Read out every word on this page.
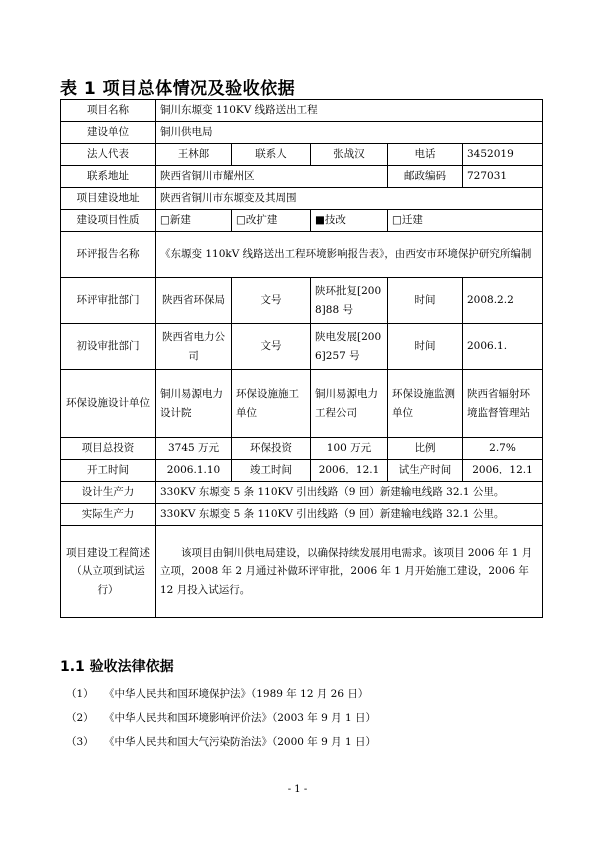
表 1 项目总体情况及验收依据
项目名称	铜川东塬变 110KV 线路送出工程				
建设单位	铜川供电局				
法人代表	王林郎	联系人	张战汉	电话	3452019
联系地址	陕西省铜川市耀州区			邮政编码	727031
项目建设地址	陕西省铜川市东塬变及其周围				
建设项目性质	□新建	□改扩建	■技改	□迁建	
环评报告名称	《东塬变 110kV 线路送出工程环境影响报告表》，由西安市环境保护研究所编制				
环评审批部门	陕西省环保局	文号	陕环批复[2008]88 号	时间	2008.2.2
初设审批部门	陕西省电力公司	文号	陕电发展[2006]257 号	时间	2006.1.
环保设施设计单位	铜川易源电力设计院	环保设施施工单位	铜川易源电力工程公司	环保设施监测单位	陕西省辐射环境监督管理站
项目总投资	3745 万元	环保投资	100 万元	比例	2.7%
开工时间	2006.1.10	竣工时间	2006．12.1	试生产时间	2006．12.1
设计生产力	330KV 东塬变 5 条 110KV 引出线路（9 回）新建输电线路 32.1 公里。				
实际生产力	330KV 东塬变 5 条 110KV 引出线路（9 回）新建输电线路 32.1 公里。				
项目建设工程简述（从立项到试运行）	该项目由铜川供电局建设，以确保持续发展用电需求。该项目 2006 年 1 月立项，2008 年 2 月通过补做环评审批，2006 年 1 月开始施工建设，2006 年 12 月投入试运行。				
1.1 验收法律依据
（1） 《中华人民共和国环境保护法》（1989 年 12 月 26 日）
（2） 《中华人民共和国环境影响评价法》（2003 年 9 月 1 日）
（3） 《中华人民共和国大气污染防治法》（2000 年 9 月 1 日）
- 1 -
